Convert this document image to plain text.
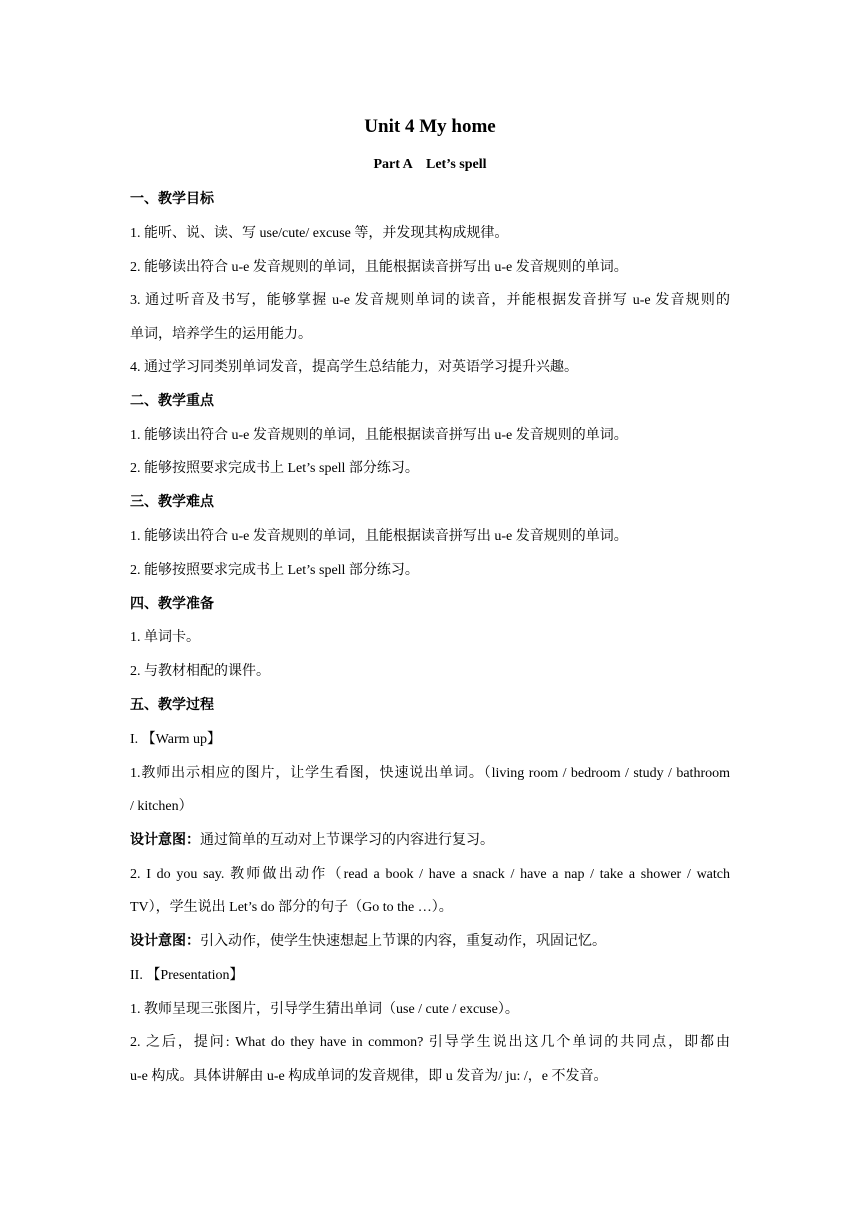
Unit 4 My home
Part A    Let’s spell
一、教学目标
1. 能听、说、读、写 use/cute/ excuse 等，并发现其构成规律。
2. 能够读出符合 u-e 发音规则的单词，且能根据读音拼写出 u-e 发音规则的单词。
3. 通过听音及书写，能够掌握 u-e 发音规则单词的读音，并能根据发音拼写 u-e 发音规则的
单词，培养学生的运用能力。
4. 通过学习同类别单词发音，提高学生总结能力，对英语学习提升兴趣。
二、教学重点
1. 能够读出符合 u-e 发音规则的单词，且能根据读音拼写出 u-e 发音规则的单词。
2. 能够按照要求完成书上 Let’s spell 部分练习。
三、教学难点
1. 能够读出符合 u-e 发音规则的单词，且能根据读音拼写出 u-e 发音规则的单词。
2. 能够按照要求完成书上 Let’s spell 部分练习。
四、教学准备
1. 单词卡。
2. 与教材相配的课件。
五、教学过程
I. 【Warm up】
1.教师出示相应的图片，让学生看图，快速说出单词。（living room / bedroom / study / bathroom
/ kitchen）
设计意图：通过简单的互动对上节课学习的内容进行复习。
2. I do you say. 教师做出动作（read a book / have a snack / have a nap / take a shower / watch
TV），学生说出 Let’s do 部分的句子（Go to the …）。
设计意图：引入动作，使学生快速想起上节课的内容，重复动作，巩固记忆。
II. 【Presentation】
1. 教师呈现三张图片，引导学生猜出单词（use / cute / excuse）。
2. 之后，提问: What do they have in common? 引导学生说出这几个单词的共同点，即都由
u-e 构成。具体讲解由 u-e 构成单词的发音规律，即 u 发音为/ ju: /，e 不发音。
